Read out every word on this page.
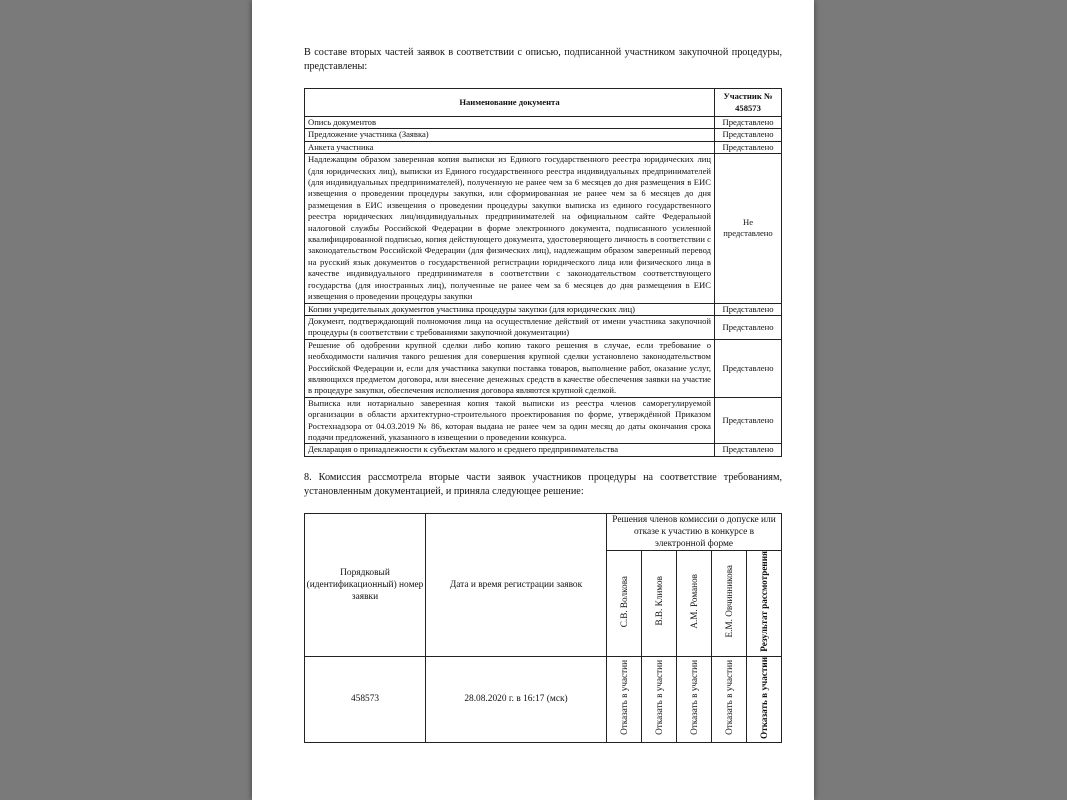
В составе вторых частей заявок в соответствии с описью, подписанной участником закупочной процедуры, представлены:

Наименование документа	Участник № 458573
Опись документов	Представлено
Предложение участника (Заявка)	Представлено
Анкета участника	Представлено
Надлежащим образом заверенная копия выписки из Единого государственного реестра юридических лиц (для юридических лиц), выписки из Единого государственного реестра индивидуальных предпринимателей (для индивидуальных предпринимателей), полученную не ранее чем за 6 месяцев до дня размещения в ЕИС извещения о проведении процедуры закупки, или сформированная не ранее чем за 6 месяцев до дня размещения в ЕИС извещения о проведении процедуры закупки выписка из единого государственного реестра юридических лиц/индивидуальных предпринимателей на официальном сайте Федеральной налоговой службы Российской Федерации в форме электронного документа, подписанного усиленной квалифицированной подписью, копия действующего документа, удостоверяющего личность в соответствии с законодательством Российской Федерации (для физических лиц), надлежащим образом заверенный перевод на русский язык документов о государственной регистрации юридического лица или физического лица в качестве индивидуального предпринимателя в соответствии с законодательством соответствующего государства (для иностранных лиц), полученные не ранее чем за 6 месяцев до дня размещения в ЕИС извещения о проведении процедуры закупки	Не представлено
Копии учредительных документов участника процедуры закупки (для юридических лиц)	Представлено
Документ, подтверждающий полномочия лица на осуществление действий от имени участника закупочной процедуры (в соответствии с требованиями закупочной документации)	Представлено
Решение об одобрении крупной сделки либо копию такого решения в случае, если требование о необходимости наличия такого решения для совершения крупной сделки установлено законодательством Российской Федерации и, если для участника закупки поставка товаров, выполнение работ, оказание услуг, являющихся предметом договора, или внесение денежных средств в качестве обеспечения заявки на участие в процедуре закупки, обеспечения исполнения договора являются крупной сделкой.	Представлено
Выписка или нотариально заверенная копия такой выписки из реестра членов саморегулируемой организации в области архитектурно-строительного проектирования по форме, утверждённой Приказом Ростехнадзора от 04.03.2019 № 86, которая выдана не ранее чем за один месяц до даты окончания срока подачи предложений, указанного в извещении о проведении конкурса.	Представлено
Декларация о принадлежности к субъектам малого и среднего предпринимательства	Представлено

8. Комиссия рассмотрела вторые части заявок участников процедуры на соответствие требованиям, установленным документацией, и приняла следующее решение:

Порядковый (идентификационный) номер заявки	Дата и время регистрации заявок	Решения членов комиссии о допуске или отказе к участию в конкурсе в электронной форме				
		С.В. Волкова	В.В. Климов	А.М. Романов	Е.М. Овчинникова	Результат рассмотрения
458573	28.08.2020 г. в 16:17 (мск)	Отказать в участии	Отказать в участии	Отказать в участии	Отказать в участии	Отказать в участии
